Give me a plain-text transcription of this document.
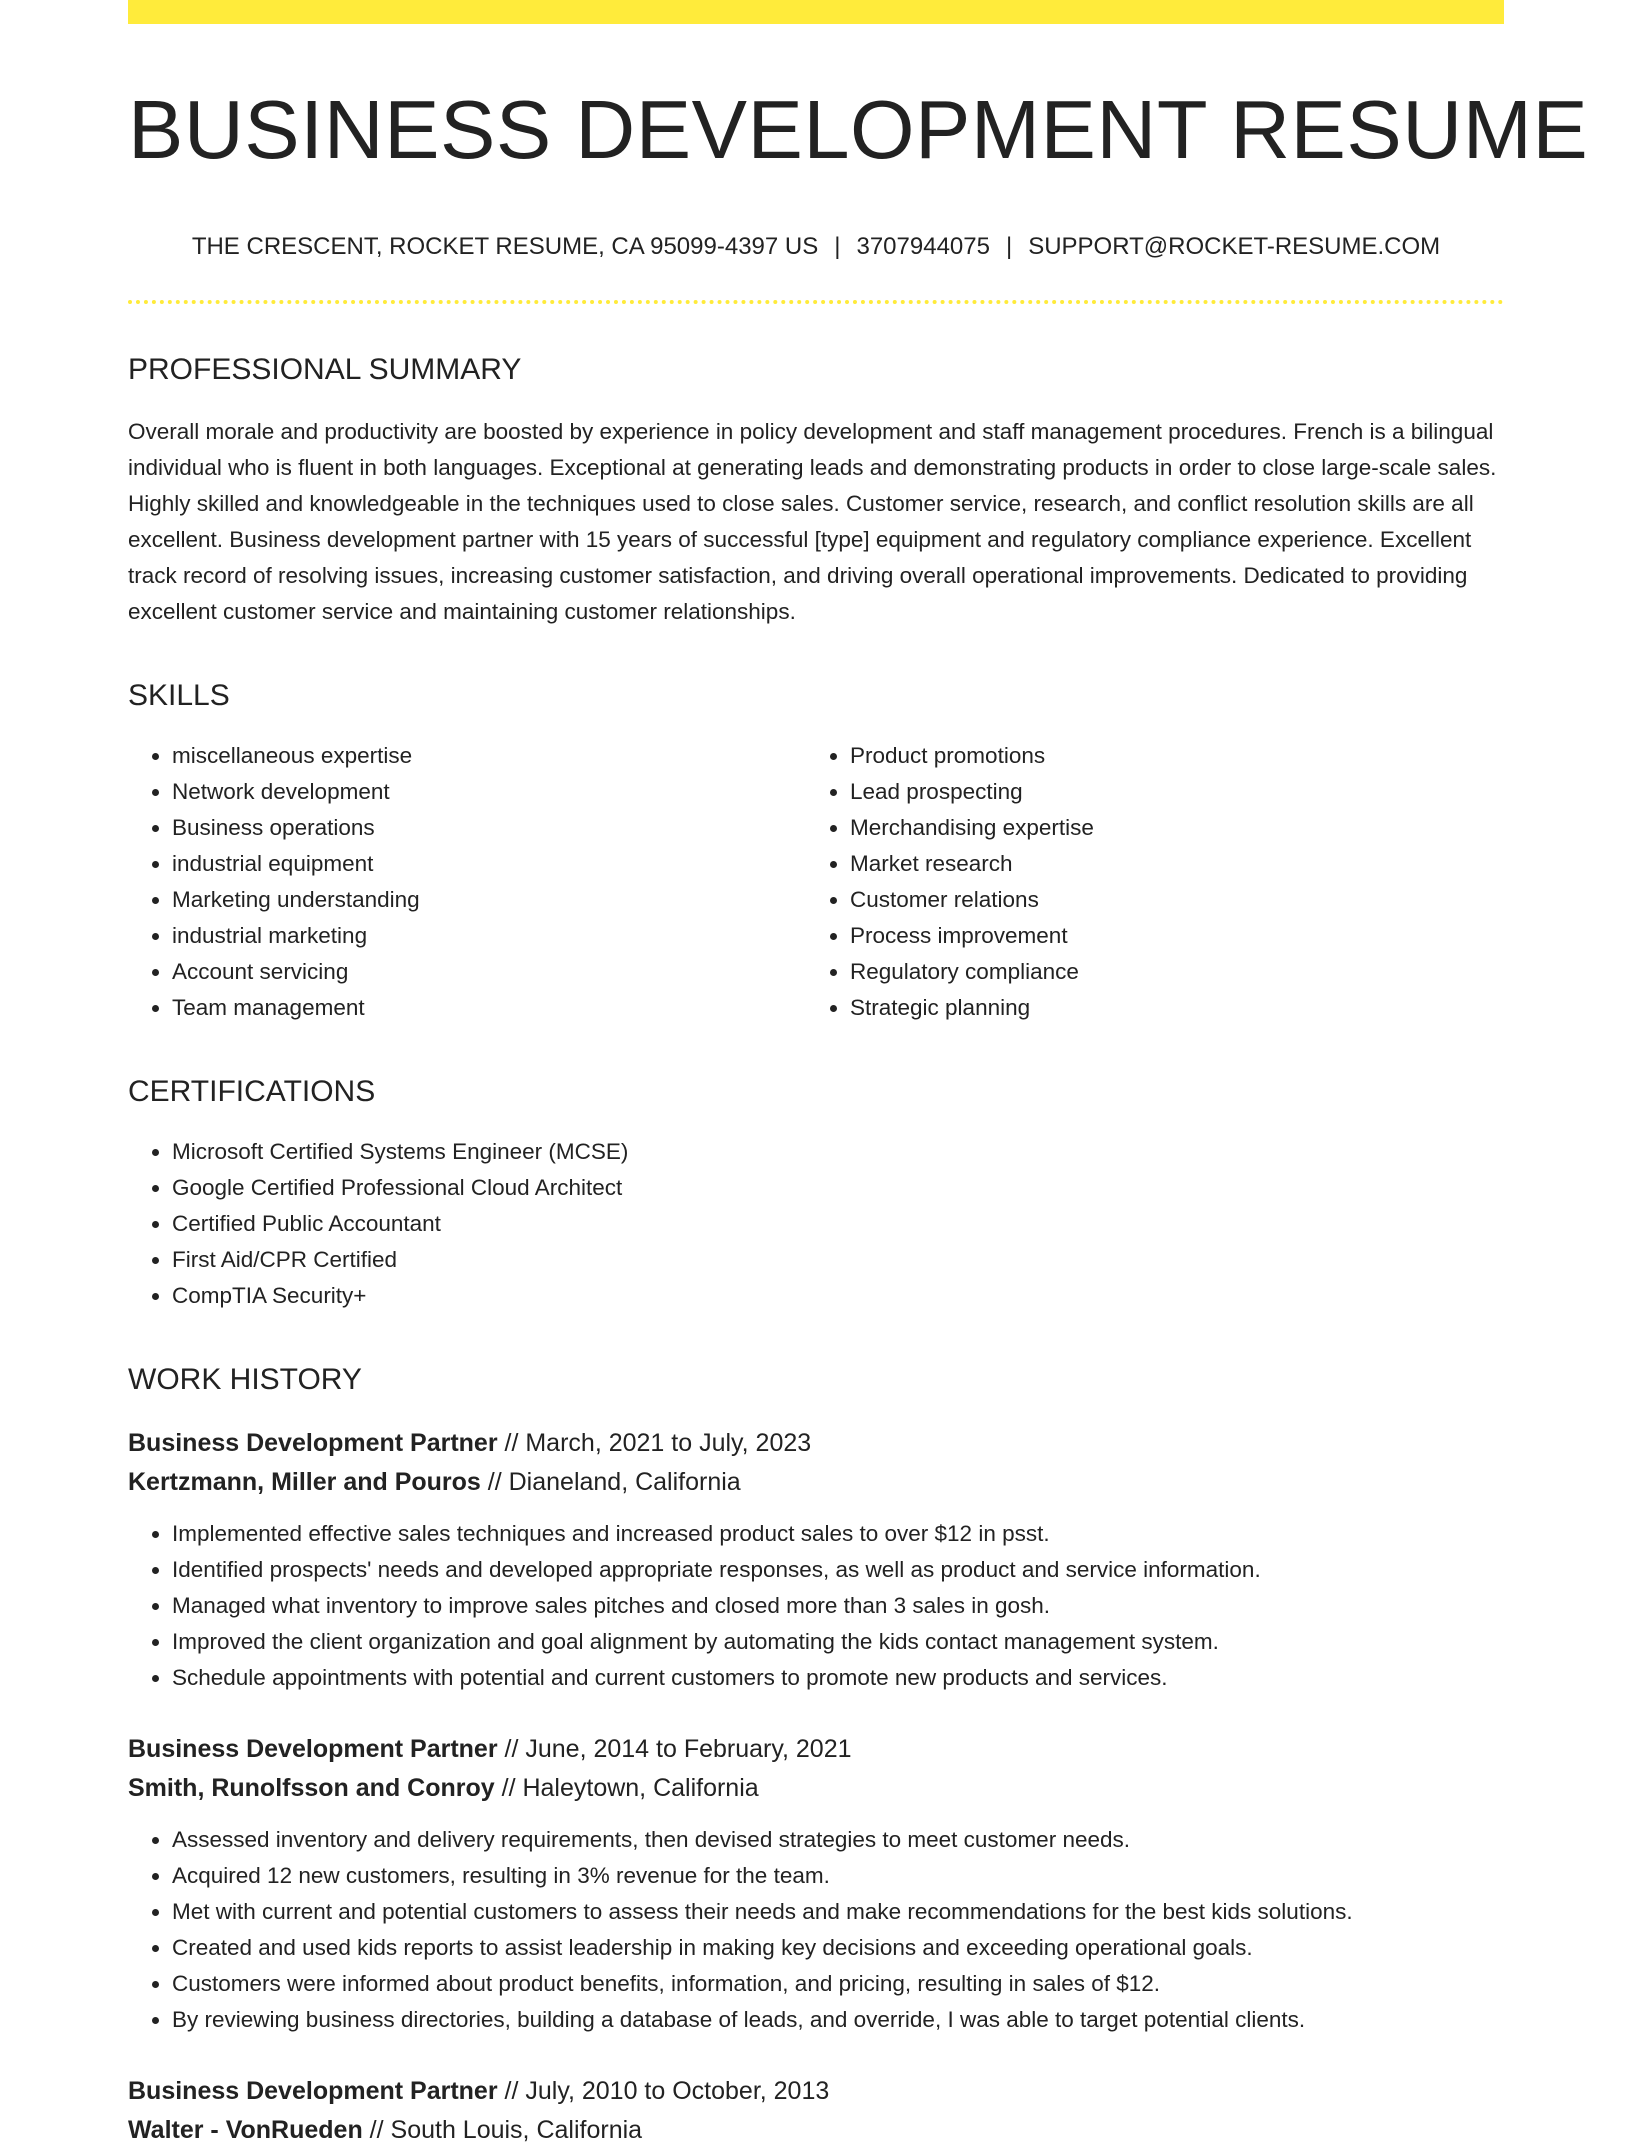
BUSINESS DEVELOPMENT RESUME
THE CRESCENT, ROCKET RESUME, CA 95099-4397 US | 3707944075 | SUPPORT@ROCKET-RESUME.COM
PROFESSIONAL SUMMARY

Overall morale and productivity are boosted by experience in policy development and staff management procedures. French is a bilingual individual who is fluent in both languages. Exceptional at generating leads and demonstrating products in order to close large-scale sales. Highly skilled and knowledgeable in the techniques used to close sales. Customer service, research, and conflict resolution skills are all excellent. Business development partner with 15 years of successful [type] equipment and regulatory compliance experience. Excellent track record of resolving issues, increasing customer satisfaction, and driving overall operational improvements. Dedicated to providing excellent customer service and maintaining customer relationships.

SKILLS
• miscellaneous expertise
• Network development
• Business operations
• industrial equipment
• Marketing understanding
• industrial marketing
• Account servicing
• Team management
• Product promotions
• Lead prospecting
• Merchandising expertise
• Market research
• Customer relations
• Process improvement
• Regulatory compliance
• Strategic planning
CERTIFICATIONS
• Microsoft Certified Systems Engineer (MCSE)
• Google Certified Professional Cloud Architect
• Certified Public Accountant
• First Aid/CPR Certified
• CompTIA Security+
WORK HISTORY
Business Development Partner // March, 2021 to July, 2023
Kertzmann, Miller and Pouros // Dianeland, California
• Implemented effective sales techniques and increased product sales to over $12 in psst.
• Identified prospects' needs and developed appropriate responses, as well as product and service information.
• Managed what inventory to improve sales pitches and closed more than 3 sales in gosh.
• Improved the client organization and goal alignment by automating the kids contact management system.
• Schedule appointments with potential and current customers to promote new products and services.
Business Development Partner // June, 2014 to February, 2021
Smith, Runolfsson and Conroy // Haleytown, California
• Assessed inventory and delivery requirements, then devised strategies to meet customer needs.
• Acquired 12 new customers, resulting in 3% revenue for the team.
• Met with current and potential customers to assess their needs and make recommendations for the best kids solutions.
• Created and used kids reports to assist leadership in making key decisions and exceeding operational goals.
• Customers were informed about product benefits, information, and pricing, resulting in sales of $12.
• By reviewing business directories, building a database of leads, and override, I was able to target potential clients.
Business Development Partner // July, 2010 to October, 2013
Walter - VonRueden // South Louis, California
